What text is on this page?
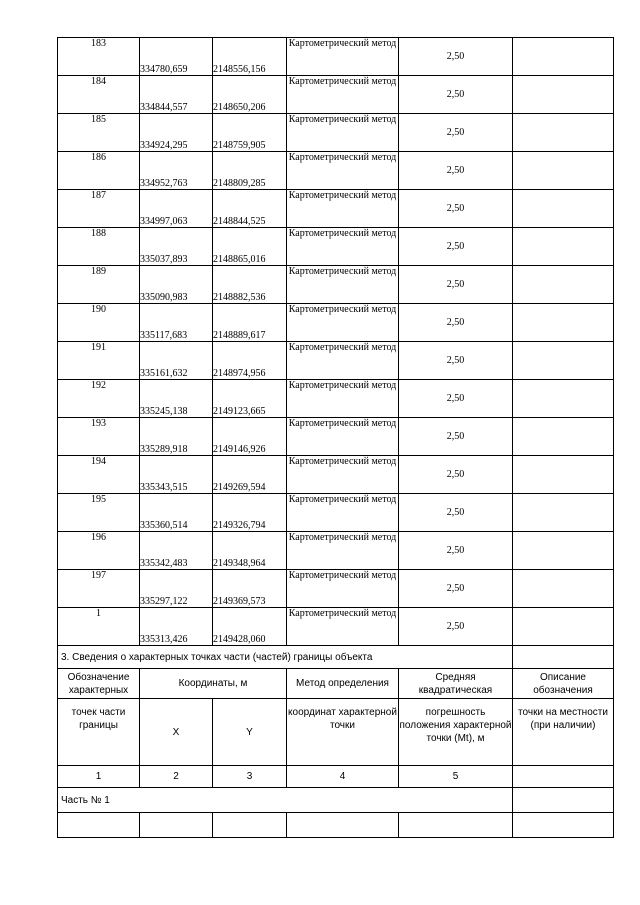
183	334780,659	2148556,156	Картометрический метод	2,50	
184	334844,557	2148650,206	Картометрический метод	2,50	
185	334924,295	2148759,905	Картометрический метод	2,50	
186	334952,763	2148809,285	Картометрический метод	2,50	
187	334997,063	2148844,525	Картометрический метод	2,50	
188	335037,893	2148865,016	Картометрический метод	2,50	
189	335090,983	2148882,536	Картометрический метод	2,50	
190	335117,683	2148889,617	Картометрический метод	2,50	
191	335161,632	2148974,956	Картометрический метод	2,50	
192	335245,138	2149123,665	Картометрический метод	2,50	
193	335289,918	2149146,926	Картометрический метод	2,50	
194	335343,515	2149269,594	Картометрический метод	2,50	
195	335360,514	2149326,794	Картометрический метод	2,50	
196	335342,483	2149348,964	Картометрический метод	2,50	
197	335297,122	2149369,573	Картометрический метод	2,50	
1	335313,426	2149428,060	Картометрический метод	2,50	
3. Сведения о характерных точках части (частей) границы объекта					
Обозначение характерных	Координаты, м		Метод определения	Средняя квадратическая	Описание обозначения

точек части границы	X	Y	координат характерной точки	погрешность положения характерной точки (Mt), м	точки на местности (при наличии)

1	2	3	4	5	
Часть № 1					
